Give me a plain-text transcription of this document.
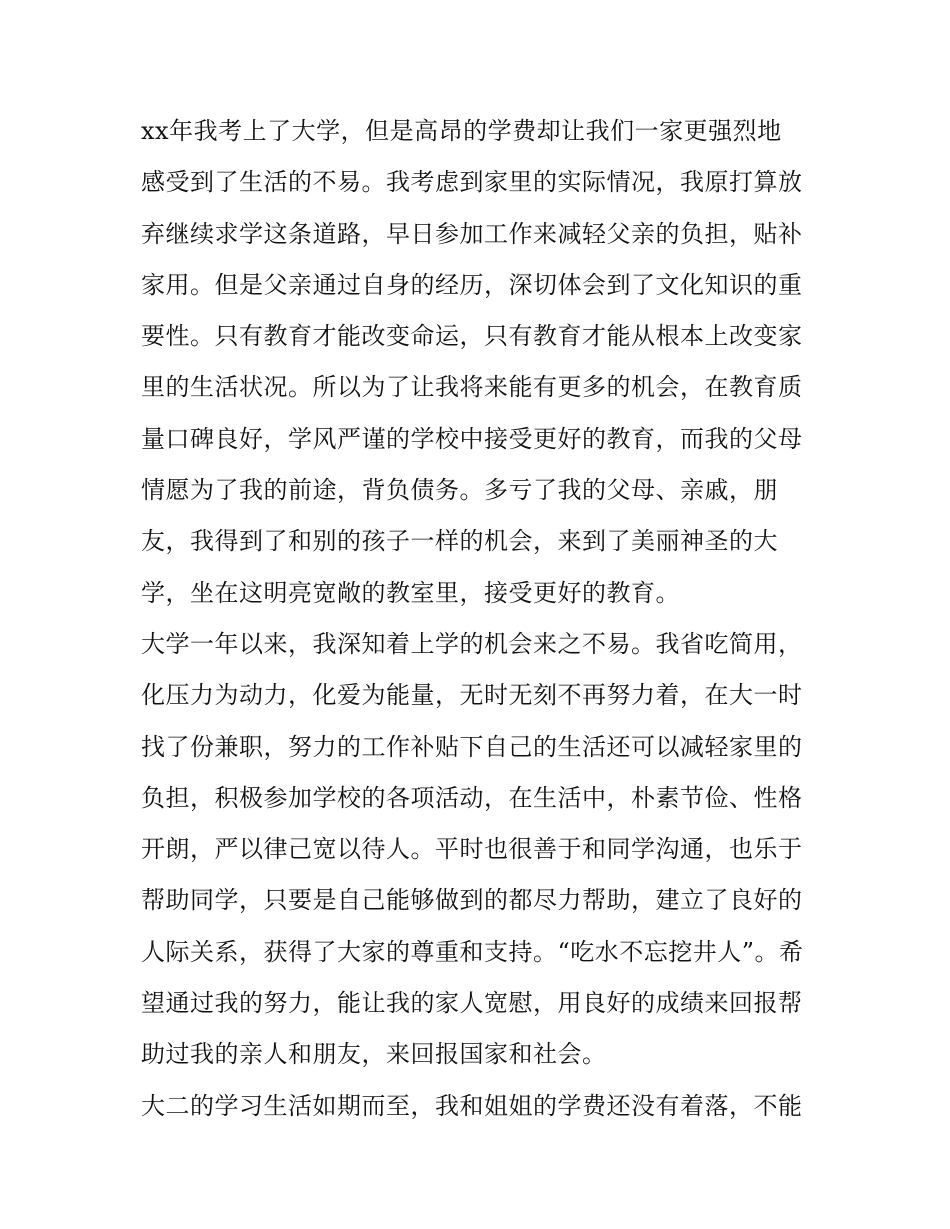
xx年我考上了大学，但是高昂的学费却让我们一家更强烈地

感受到了生活的不易。我考虑到家里的实际情况，我原打算放

弃继续求学这条道路，早日参加工作来减轻父亲的负担，贴补

家用。但是父亲通过自身的经历，深切体会到了文化知识的重

要性。只有教育才能改变命运，只有教育才能从根本上改变家

里的生活状况。所以为了让我将来能有更多的机会，在教育质

量口碑良好，学风严谨的学校中接受更好的教育，而我的父母

情愿为了我的前途，背负债务。多亏了我的父母、亲戚，朋

友，我得到了和别的孩子一样的机会，来到了美丽神圣的大

学，坐在这明亮宽敞的教室里，接受更好的教育。

大学一年以来，我深知着上学的机会来之不易。我省吃简用，

化压力为动力，化爱为能量，无时无刻不再努力着，在大一时

找了份兼职，努力的工作补贴下自己的生活还可以减轻家里的

负担，积极参加学校的各项活动，在生活中，朴素节俭、性格

开朗，严以律己宽以待人。平时也很善于和同学沟通，也乐于

帮助同学，只要是自己能够做到的都尽力帮助，建立了良好的

人际关系，获得了大家的尊重和支持。“吃水不忘挖井人”。希

望通过我的努力，能让我的家人宽慰，用良好的成绩来回报帮

助过我的亲人和朋友，来回报国家和社会。

大二的学习生活如期而至，我和姐姐的学费还没有着落，不能
